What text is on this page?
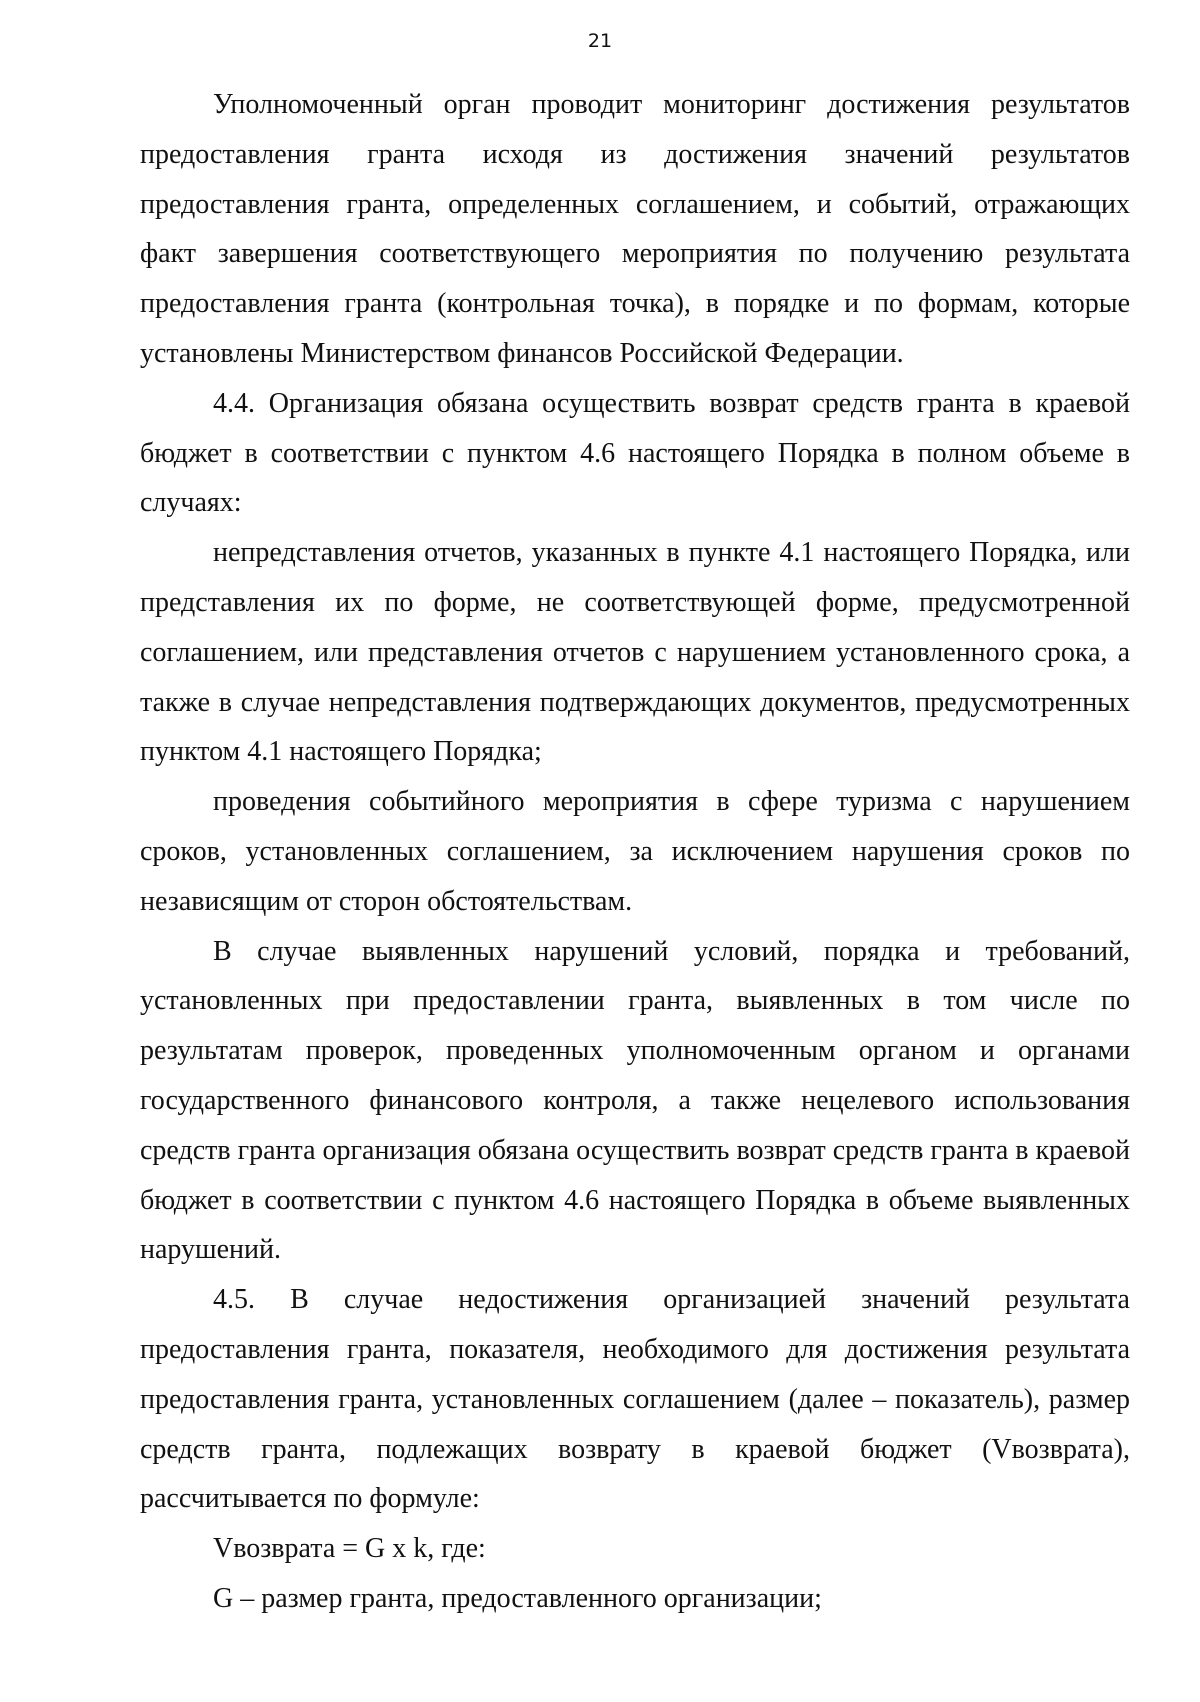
21

Уполномоченный орган проводит мониторинг достижения результатов предоставления гранта исходя из достижения значений результатов предоставления гранта, определенных соглашением, и событий, отражающих факт завершения соответствующего мероприятия по получению результата предоставления гранта (контрольная точка), в порядке и по формам, которые установлены Министерством финансов Российской Федерации.

4.4. Организация обязана осуществить возврат средств гранта в краевой бюджет в соответствии с пунктом 4.6 настоящего Порядка в полном объеме в случаях:

непредставления отчетов, указанных в пункте 4.1 настоящего Порядка, или представления их по форме, не соответствующей форме, предусмотренной соглашением, или представления отчетов с нарушением установленного срока, а также в случае непредставления подтверждающих документов, предусмотренных пунктом 4.1 настоящего Порядка;

проведения событийного мероприятия в сфере туризма с нарушением сроков, установленных соглашением, за исключением нарушения сроков по независящим от сторон обстоятельствам.

В случае выявленных нарушений условий, порядка и требований, установленных при предоставлении гранта, выявленных в том числе по результатам проверок, проведенных уполномоченным органом и органами государственного финансового контроля, а также нецелевого использования средств гранта организация обязана осуществить возврат средств гранта в краевой бюджет в соответствии с пунктом 4.6 настоящего Порядка в объеме выявленных нарушений.

4.5. В случае недостижения организацией значений результата предоставления гранта, показателя, необходимого для достижения результата предоставления гранта, установленных соглашением (далее – показатель), размер средств гранта, подлежащих возврату в краевой бюджет (Vвозврата), рассчитывается по формуле:

Vвозврата = G x k, где:

G – размер гранта, предоставленного организации;
